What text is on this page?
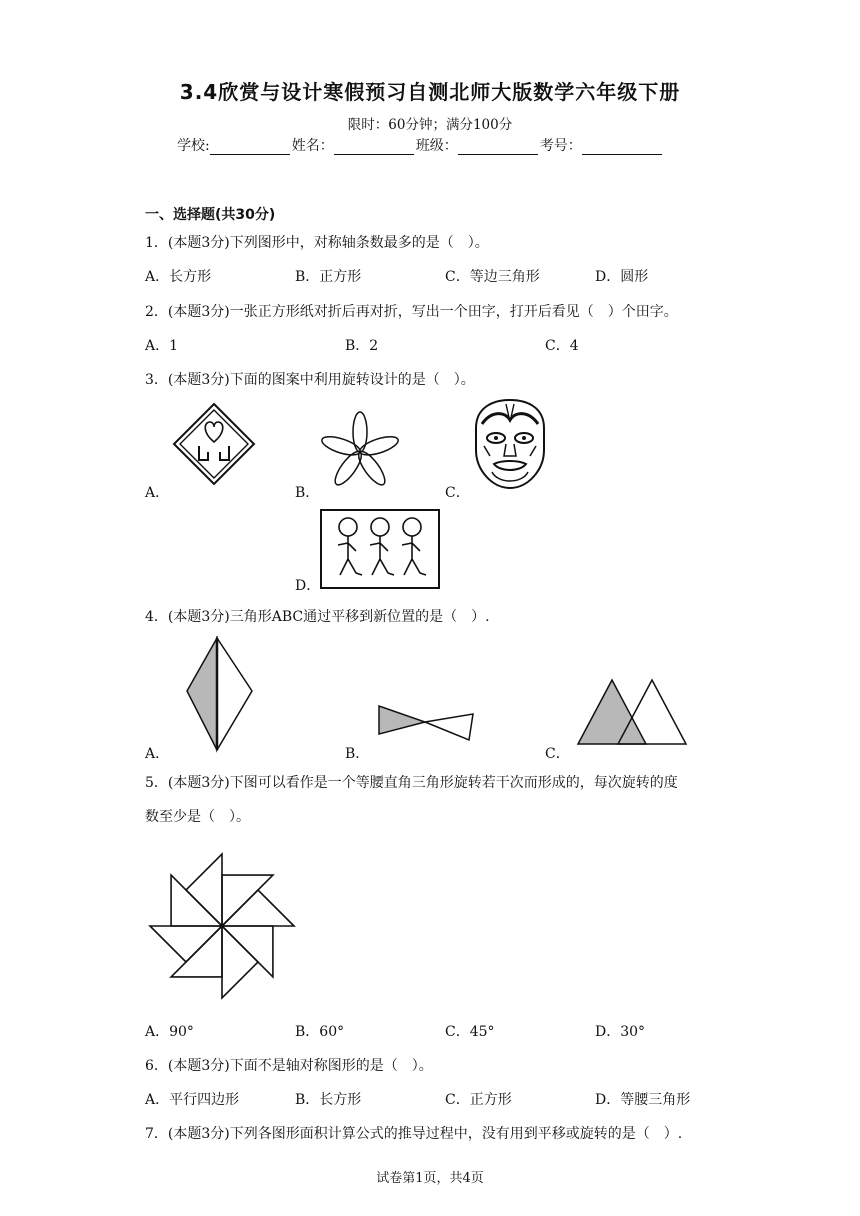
3.4欣赏与设计寒假预习自测北师大版数学六年级下册
限时：60分钟；满分100分
学校:	姓名：	班级：	考号：
一、选择题(共30分)
1．(本题3分)下列图形中，对称轴条数最多的是（　）。
A．长方形	B．正方形	C．等边三角形	D．圆形
2．(本题3分)一张正方形纸对折后再对折，写出一个田字，打开后看见（　）个田字。
A．1	B．2	C．4
3．(本题3分)下面的图案中利用旋转设计的是（　）。
A．	B．	C．
D．
4．(本题3分)三角形ABC通过平移到新位置的是（　）.
A．	B．	C．
5．(本题3分)下图可以看作是一个等腰直角三角形旋转若干次而形成的，每次旋转的度
数至少是（　）。
A．90°	B．60°	C．45°	D．30°
6．(本题3分)下面不是轴对称图形的是（　）。
A．平行四边形	B．长方形	C．正方形	D．等腰三角形
7．(本题3分)下列各图形面积计算公式的推导过程中，没有用到平移或旋转的是（　）.
试卷第1页，共4页
